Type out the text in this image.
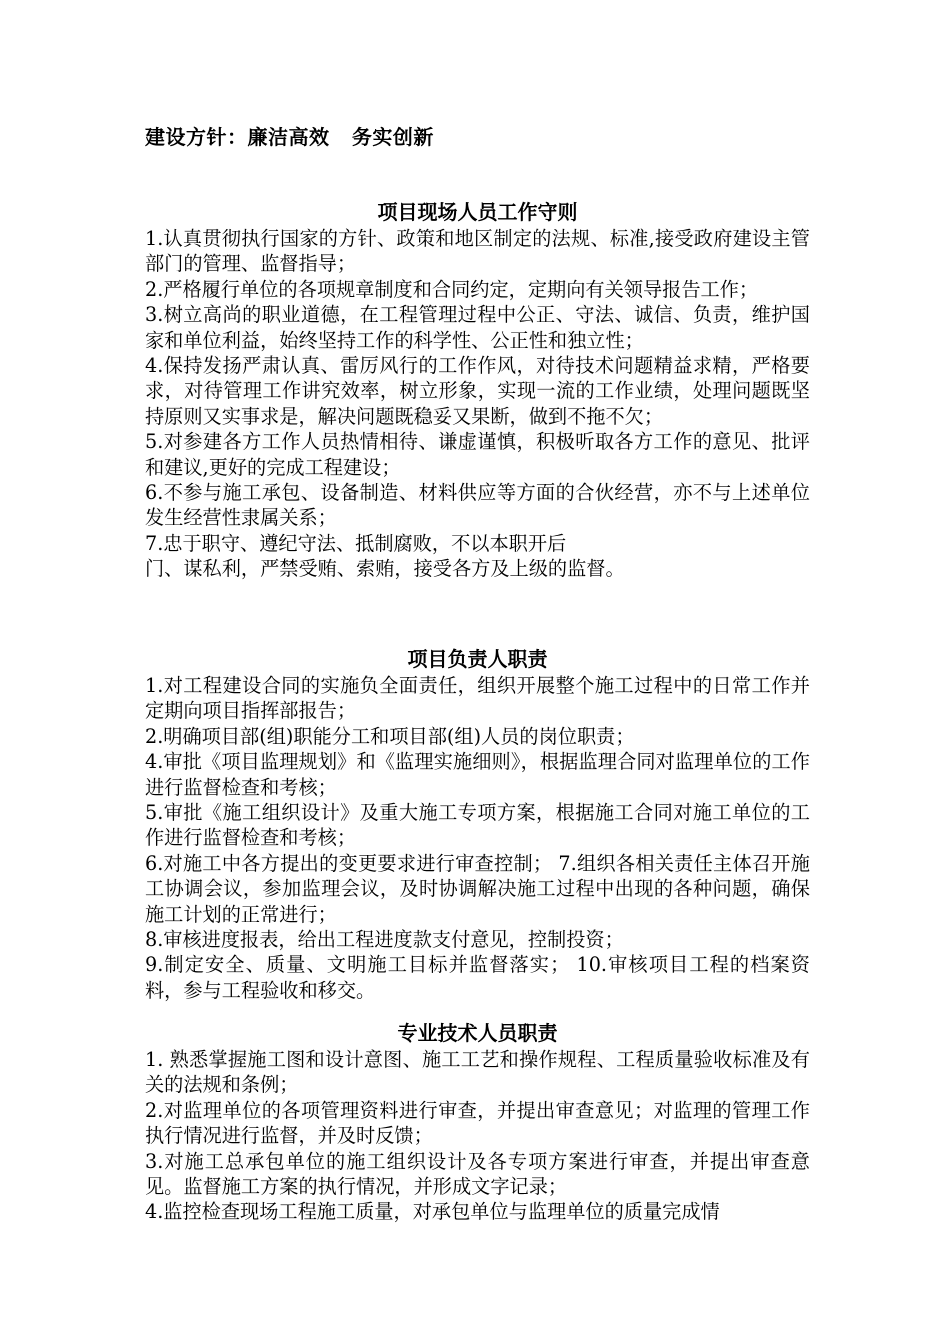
建设方针：廉洁高效   务实创新
项目现场人员工作守则

1.认真贯彻执行国家的方针、政策和地区制定的法规、标准,接受政府建设主管部门的管理、监督指导；

2.严格履行单位的各项规章制度和合同约定，定期向有关领导报告工作；

3.树立高尚的职业道德，在工程管理过程中公正、守法、诚信、负责，维护国家和单位利益，始终坚持工作的科学性、公正性和独立性；

4.保持发扬严肃认真、雷厉风行的工作作风，对待技术问题精益求精，严格要求，对待管理工作讲究效率，树立形象，实现一流的工作业绩，处理问题既坚持原则又实事求是，解决问题既稳妥又果断，做到不拖不欠；

5.对参建各方工作人员热情相待、谦虚谨慎，积极听取各方工作的意见、批评和建议,更好的完成工程建设；

6.不参与施工承包、设备制造、材料供应等方面的合伙经营，亦不与上述单位发生经营性隶属关系；

7.忠于职守、遵纪守法、抵制腐败，不以本职开后

门、谋私利，严禁受贿、索贿，接受各方及上级的监督。

项目负责人职责

1.对工程建设合同的实施负全面责任，组织开展整个施工过程中的日常工作并定期向项目指挥部报告；

2.明确项目部(组)职能分工和项目部(组)人员的岗位职责；

4.审批《项目监理规划》和《监理实施细则》，根据监理合同对监理单位的工作进行监督检查和考核；

5.审批《施工组织设计》及重大施工专项方案，根据施工合同对施工单位的工作进行监督检查和考核；

6.对施工中各方提出的变更要求进行审查控制； 7.组织各相关责任主体召开施工协调会议，参加监理会议，及时协调解决施工过程中出现的各种问题，确保施工计划的正常进行；

8.审核进度报表，给出工程进度款支付意见，控制投资；

9.制定安全、质量、文明施工目标并监督落实； 10.审核项目工程的档案资料，参与工程验收和移交。

专业技术人员职责

1. 熟悉掌握施工图和设计意图、施工工艺和操作规程、工程质量验收标准及有关的法规和条例；

2.对监理单位的各项管理资料进行审查，并提出审查意见；对监理的管理工作执行情况进行监督，并及时反馈；

3.对施工总承包单位的施工组织设计及各专项方案进行审查，并提出审查意见。监督施工方案的执行情况，并形成文字记录；

4.监控检查现场工程施工质量，对承包单位与监理单位的质量完成情
